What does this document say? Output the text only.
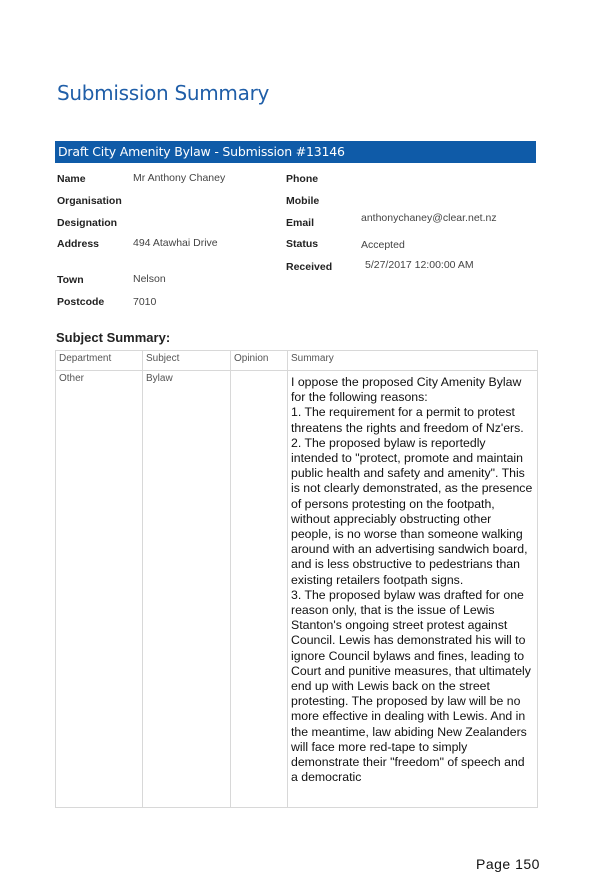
Submission Summary
Draft City Amenity Bylaw - Submission #13146
Name	Mr Anthony Chaney
Organisation
Designation
Address	494 Atawhai Drive
Town	Nelson
Postcode	7010
Phone
Mobile
Email	anthonychaney@clear.net.nz
Status	Accepted
Received	5/27/2017 12:00:00 AM
Subject Summary:
Department	Subject	Opinion	Summary
Other	Bylaw		I oppose the proposed City Amenity Bylaw for the following reasons:
1. The requirement for a permit to protest threatens the rights and freedom of Nz'ers.
2. The proposed bylaw is reportedly intended to "protect, promote and maintain public health and safety and amenity". This is not clearly demonstrated, as the presence of persons protesting on the footpath, without appreciably obstructing other people, is no worse than someone walking around with an advertising sandwich board, and is less obstructive to pedestrians than existing retailers footpath signs.
3. The proposed bylaw was drafted for one reason only, that is the issue of Lewis Stanton's ongoing street protest against Council. Lewis has demonstrated his will to ignore Council bylaws and fines, leading to Court and punitive measures, that ultimately end up with Lewis back on the street protesting. The proposed by law will be no more effective in dealing with Lewis. And in the meantime, law abiding New Zealanders will face more red-tape to simply demonstrate their "freedom" of speech and a democratic
Page 150
